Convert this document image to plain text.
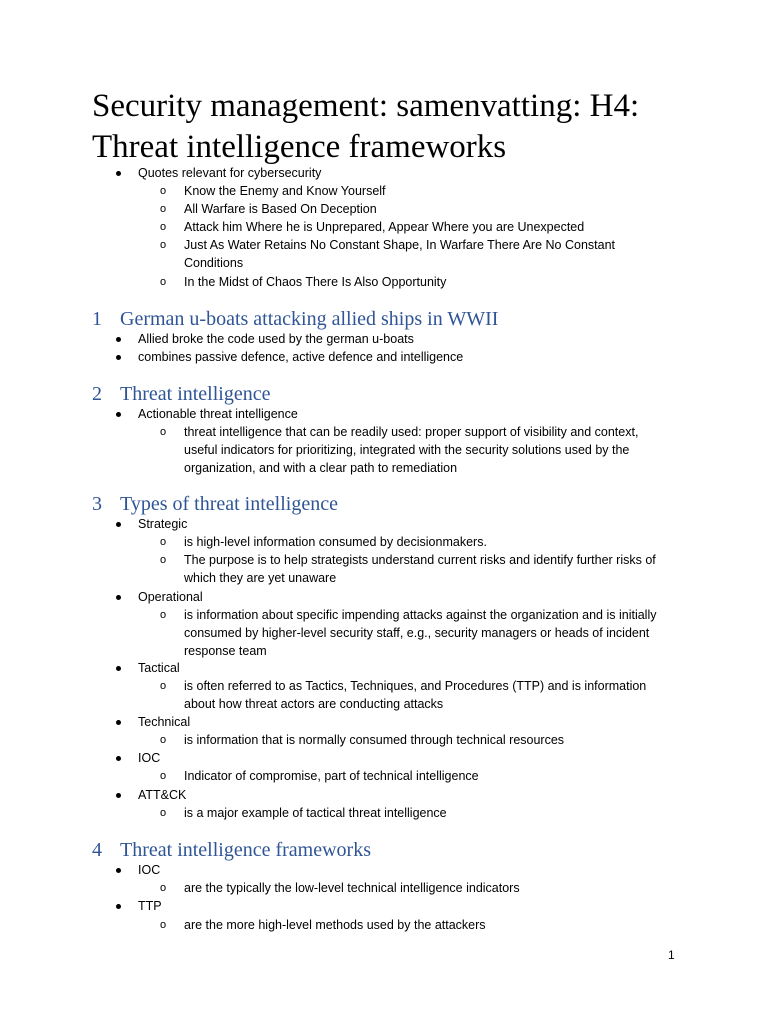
Security management: samenvatting: H4: Threat intelligence frameworks

Quotes relevant for cybersecurity

o Know the Enemy and Know Yourself

o All Warfare is Based On Deception

o Attack him Where he is Unprepared, Appear Where you are Unexpected

o Just As Water Retains No Constant Shape, In Warfare There Are No Constant Conditions

o In the Midst of Chaos There Is Also Opportunity

1 German u-boats attacking allied ships in WWII

Allied broke the code used by the german u-boats

combines passive defence, active defence and intelligence

2 Threat intelligence

Actionable threat intelligence

o threat intelligence that can be readily used: proper support of visibility and context, useful indicators for prioritizing, integrated with the security solutions used by the organization, and with a clear path to remediation

3 Types of threat intelligence

Strategic

o is high-level information consumed by decisionmakers.

o The purpose is to help strategists understand current risks and identify further risks of which they are yet unaware

Operational

o is information about specific impending attacks against the organization and is initially consumed by higher-level security staff, e.g., security managers or heads of incident response team

Tactical

o is often referred to as Tactics, Techniques, and Procedures (TTP) and is information about how threat actors are conducting attacks

Technical

o is information that is normally consumed through technical resources

IOC

o Indicator of compromise, part of technical intelligence

ATT&CK

o is a major example of tactical threat intelligence

4 Threat intelligence frameworks

IOC

o are the typically the low-level technical intelligence indicators

TTP

o are the more high-level methods used by the attackers

1
